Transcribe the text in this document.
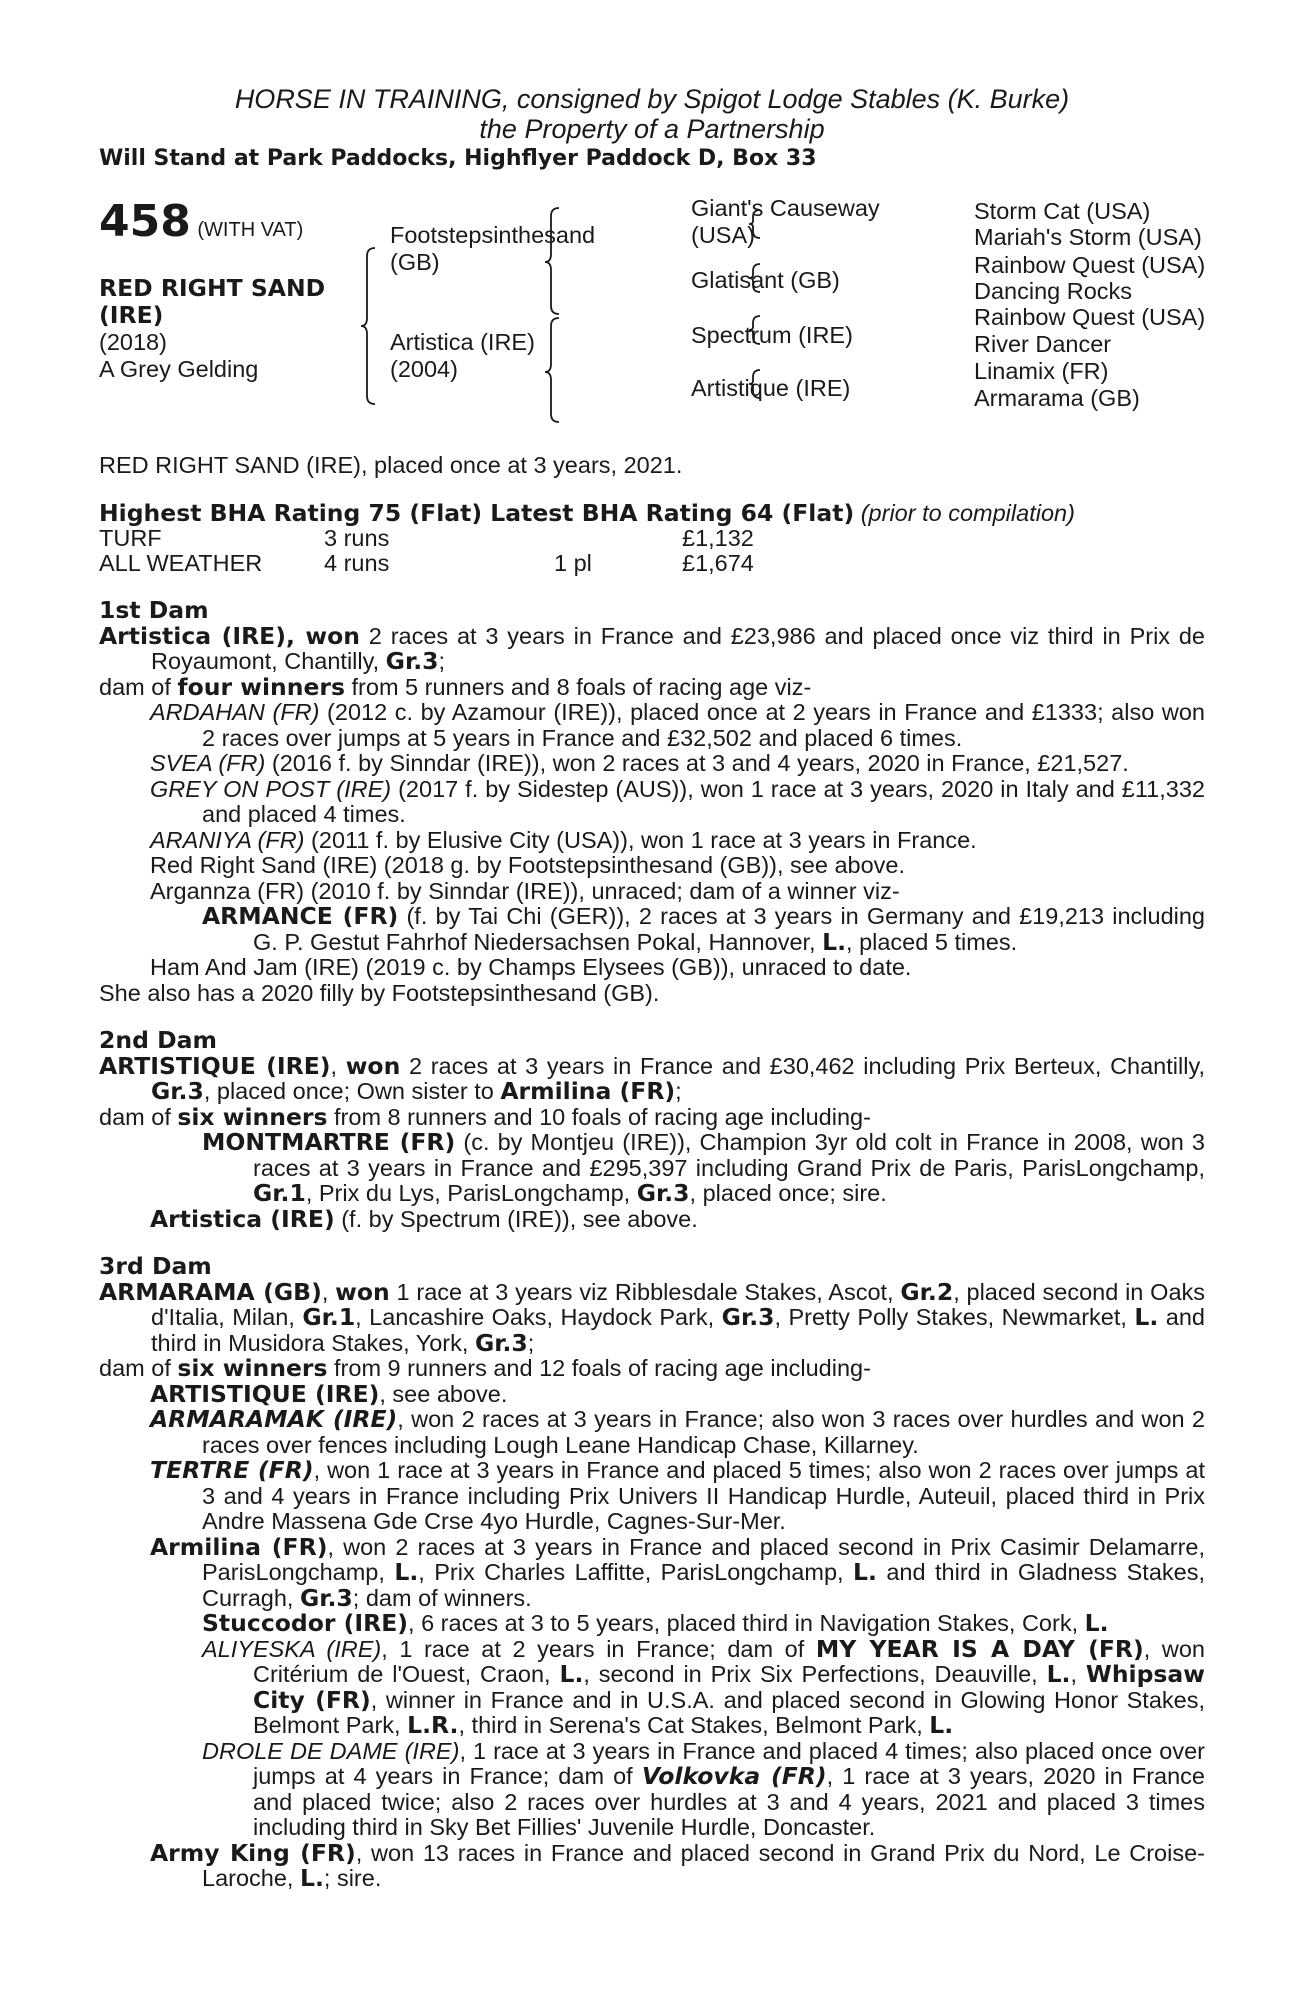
HORSE IN TRAINING, consigned by Spigot Lodge Stables (K. Burke)
the Property of a Partnership
Will Stand at Park Paddocks, Highflyer Paddock D, Box 33
458 (WITH VAT)
RED RIGHT SAND
(IRE)
(2018)
A Grey Gelding
Footstepsinthesand
(GB)
Artistica (IRE)
(2004)
Giant's Causeway
(USA)
Glatisant (GB)
Spectrum (IRE)
Artistique (IRE)
Storm Cat (USA)
Mariah's Storm (USA)
Rainbow Quest (USA)
Dancing Rocks
Rainbow Quest (USA)
River Dancer
Linamix (FR)
Armarama (GB)
RED RIGHT SAND (IRE), placed once at 3 years, 2021.
Highest BHA Rating 75 (Flat) Latest BHA Rating 64 (Flat) (prior to compilation)
TURF	3 runs		£1,132
ALL WEATHER	4 runs	1 pl	£1,674
1st Dam
Artistica (IRE), won 2 races at 3 years in France and £23,986 and placed once viz third in Prix de Royaumont, Chantilly, Gr.3;
dam of four winners from 5 runners and 8 foals of racing age viz-
ARDAHAN (FR) (2012 c. by Azamour (IRE)), placed once at 2 years in France and £1333; also won 2 races over jumps at 5 years in France and £32,502 and placed 6 times.
SVEA (FR) (2016 f. by Sinndar (IRE)), won 2 races at 3 and 4 years, 2020 in France, £21,527.
GREY ON POST (IRE) (2017 f. by Sidestep (AUS)), won 1 race at 3 years, 2020 in Italy and £11,332 and placed 4 times.
ARANIYA (FR) (2011 f. by Elusive City (USA)), won 1 race at 3 years in France.
Red Right Sand (IRE) (2018 g. by Footstepsinthesand (GB)), see above.
Argannza (FR) (2010 f. by Sinndar (IRE)), unraced; dam of a winner viz-
ARMANCE (FR) (f. by Tai Chi (GER)), 2 races at 3 years in Germany and £19,213 including G. P. Gestut Fahrhof Niedersachsen Pokal, Hannover, L., placed 5 times.
Ham And Jam (IRE) (2019 c. by Champs Elysees (GB)), unraced to date.
She also has a 2020 filly by Footstepsinthesand (GB).
2nd Dam
ARTISTIQUE (IRE), won 2 races at 3 years in France and £30,462 including Prix Berteux, Chantilly, Gr.3, placed once; Own sister to Armilina (FR);
dam of six winners from 8 runners and 10 foals of racing age including-
MONTMARTRE (FR) (c. by Montjeu (IRE)), Champion 3yr old colt in France in 2008, won 3 races at 3 years in France and £295,397 including Grand Prix de Paris, ParisLongchamp, Gr.1, Prix du Lys, ParisLongchamp, Gr.3, placed once; sire.
Artistica (IRE) (f. by Spectrum (IRE)), see above.
3rd Dam
ARMARAMA (GB), won 1 race at 3 years viz Ribblesdale Stakes, Ascot, Gr.2, placed second in Oaks d'Italia, Milan, Gr.1, Lancashire Oaks, Haydock Park, Gr.3, Pretty Polly Stakes, Newmarket, L. and third in Musidora Stakes, York, Gr.3;
dam of six winners from 9 runners and 12 foals of racing age including-
ARTISTIQUE (IRE), see above.
ARMARAMAK (IRE), won 2 races at 3 years in France; also won 3 races over hurdles and won 2 races over fences including Lough Leane Handicap Chase, Killarney.
TERTRE (FR), won 1 race at 3 years in France and placed 5 times; also won 2 races over jumps at 3 and 4 years in France including Prix Univers II Handicap Hurdle, Auteuil, placed third in Prix Andre Massena Gde Crse 4yo Hurdle, Cagnes-Sur-Mer.
Armilina (FR), won 2 races at 3 years in France and placed second in Prix Casimir Delamarre, ParisLongchamp, L., Prix Charles Laffitte, ParisLongchamp, L. and third in Gladness Stakes, Curragh, Gr.3; dam of winners.
Stuccodor (IRE), 6 races at 3 to 5 years, placed third in Navigation Stakes, Cork, L.
ALIYESKA (IRE), 1 race at 2 years in France; dam of MY YEAR IS A DAY (FR), won Critérium de l'Ouest, Craon, L., second in Prix Six Perfections, Deauville, L., Whipsaw City (FR), winner in France and in U.S.A. and placed second in Glowing Honor Stakes, Belmont Park, L.R., third in Serena's Cat Stakes, Belmont Park, L.
DROLE DE DAME (IRE), 1 race at 3 years in France and placed 4 times; also placed once over jumps at 4 years in France; dam of Volkovka (FR), 1 race at 3 years, 2020 in France and placed twice; also 2 races over hurdles at 3 and 4 years, 2021 and placed 3 times including third in Sky Bet Fillies' Juvenile Hurdle, Doncaster.
Army King (FR), won 13 races in France and placed second in Grand Prix du Nord, Le Croise-Laroche, L.; sire.
